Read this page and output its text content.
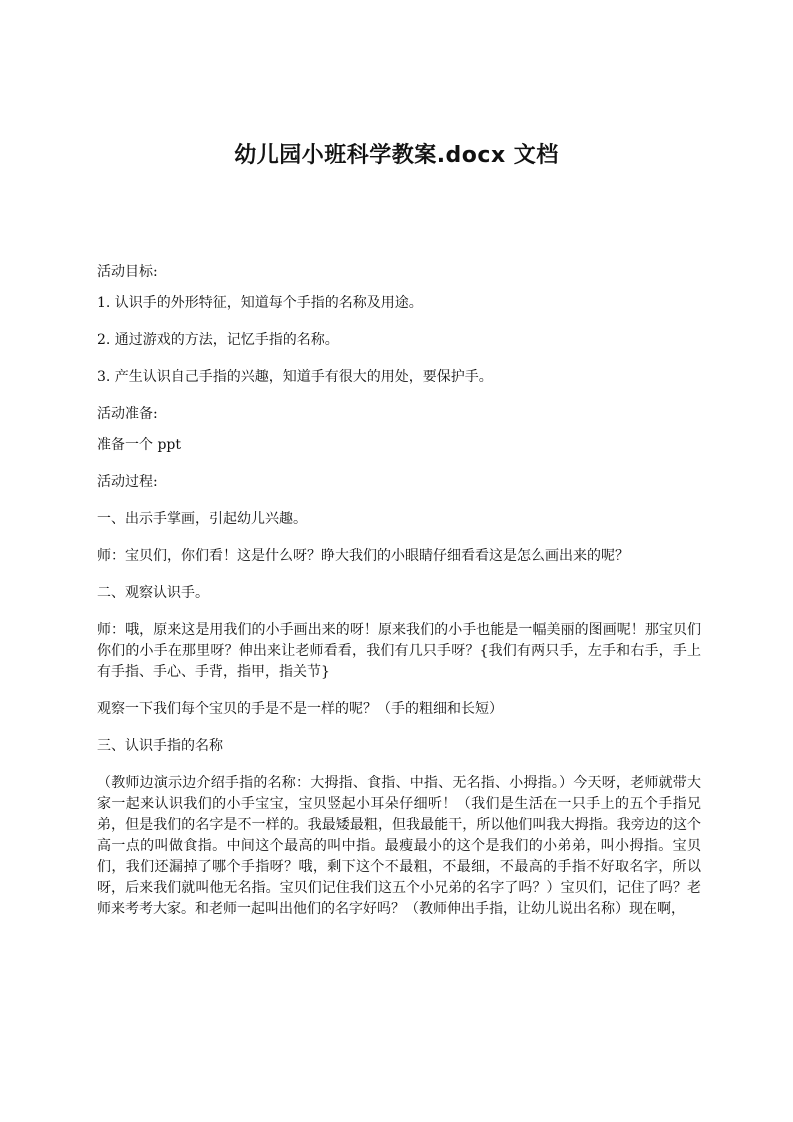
幼儿园小班科学教案.docx 文档

活动目标:

1. 认识手的外形特征，知道每个手指的名称及用途。

2. 通过游戏的方法，记忆手指的名称。

3. 产生认识自己手指的兴趣，知道手有很大的用处，要保护手。

活动准备:

准备一个 ppt

活动过程:

一、出示手掌画，引起幼儿兴趣。

师：宝贝们，你们看！这是什么呀？睁大我们的小眼睛仔细看看这是怎么画出来的呢？

二、观察认识手。

师：哦，原来这是用我们的小手画出来的呀！原来我们的小手也能是一幅美丽的图画呢！那宝贝们你们的小手在那里呀？伸出来让老师看看，我们有几只手呀？{我们有两只手，左手和右手，手上有手指、手心、手背，指甲，指关节}

观察一下我们每个宝贝的手是不是一样的呢？（手的粗细和长短）

三、认识手指的名称

（教师边演示边介绍手指的名称：大拇指、食指、中指、无名指、小拇指。）今天呀，老师就带大家一起来认识我们的小手宝宝，宝贝竖起小耳朵仔细听！（我们是生活在一只手上的五个手指兄弟，但是我们的名字是不一样的。我最矮最粗，但我最能干，所以他们叫我大拇指。我旁边的这个高一点的叫做食指。中间这个最高的叫中指。最瘦最小的这个是我们的小弟弟，叫小拇指。宝贝们，我们还漏掉了哪个手指呀？哦，剩下这个不最粗，不最细，不最高的手指不好取名字，所以呀，后来我们就叫他无名指。宝贝们记住我们这五个小兄弟的名字了吗？）宝贝们，记住了吗？老师来考考大家。和老师一起叫出他们的名字好吗？（教师伸出手指，让幼儿说出名称）现在啊，
